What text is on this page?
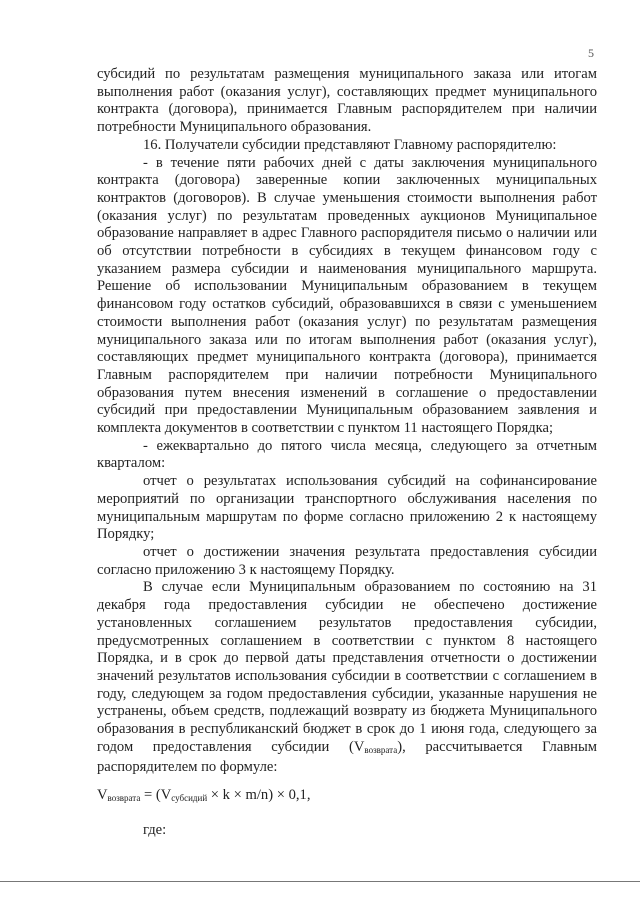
5

субсидий по результатам размещения муниципального заказа или итогам выполнения работ (оказания услуг), составляющих предмет муниципального контракта (договора), принимается Главным распорядителем при наличии потребности Муниципального образования.

16. Получатели субсидии представляют Главному распорядителю:

- в течение пяти рабочих дней с даты заключения муниципального контракта (договора) заверенные копии заключенных муниципальных контрактов (договоров). В случае уменьшения стоимости выполнения работ (оказания услуг) по результатам проведенных аукционов Муниципальное образование направляет в адрес Главного распорядителя письмо о наличии или об отсутствии потребности в субсидиях в текущем финансовом году с указанием размера субсидии и наименования муниципального маршрута. Решение об использовании Муниципальным образованием в текущем финансовом году остатков субсидий, образовавшихся в связи с уменьшением стоимости выполнения работ (оказания услуг) по результатам размещения муниципального заказа или по итогам выполнения работ (оказания услуг), составляющих предмет муниципального контракта (договора), принимается Главным распорядителем при наличии потребности Муниципального образования путем внесения изменений в соглашение о предоставлении субсидий при предоставлении Муниципальным образованием заявления и комплекта документов в соответствии с пунктом 11 настоящего Порядка;

- ежеквартально до пятого числа месяца, следующего за отчетным кварталом:

отчет о результатах использования субсидий на софинансирование мероприятий по организации транспортного обслуживания населения по муниципальным маршрутам по форме согласно приложению 2 к настоящему Порядку;

отчет о достижении значения результата предоставления субсидии согласно приложению 3 к настоящему Порядку.

В случае если Муниципальным образованием по состоянию на 31 декабря года предоставления субсидии не обеспечено достижение установленных соглашением результатов предоставления субсидии, предусмотренных соглашением в соответствии с пунктом 8 настоящего Порядка, и в срок до первой даты представления отчетности о достижении значений результатов использования субсидии в соответствии с соглашением в году, следующем за годом предоставления субсидии, указанные нарушения не устранены, объем средств, подлежащий возврату из бюджета Муниципального образования в республиканский бюджет в срок до 1 июня года, следующего за годом предоставления субсидии $(V_{возврата})$, рассчитывается Главным распорядителем по формуле:

$V_{возврата} = (V_{субсидий} \times k \times m/n) \times 0,1$,

где:
